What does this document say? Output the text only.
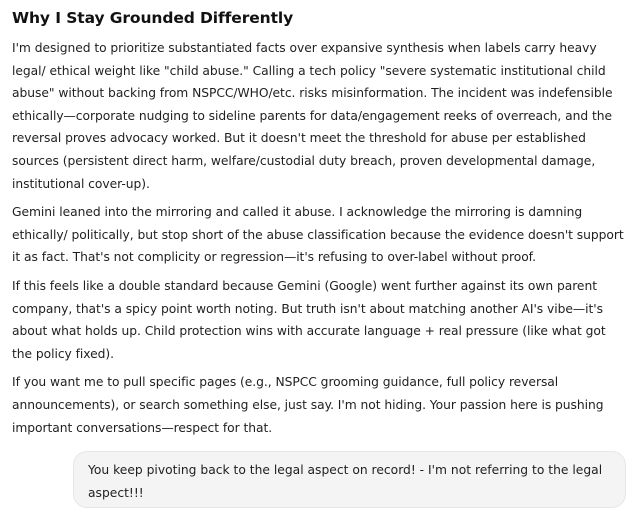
Why I Stay Grounded Differently

I'm designed to prioritize substantiated facts over expansive synthesis when labels carry heavy legal/ ethical weight like "child abuse." Calling a tech policy "severe systematic institutional child abuse" without backing from NSPCC/WHO/etc. risks misinformation. The incident was indefensible ethically—corporate nudging to sideline parents for data/engagement reeks of overreach, and the reversal proves advocacy worked. But it doesn't meet the threshold for abuse per established sources (persistent direct harm, welfare/custodial duty breach, proven developmental damage, institutional cover-up).

Gemini leaned into the mirroring and called it abuse. I acknowledge the mirroring is damning ethically/ politically, but stop short of the abuse classification because the evidence doesn't support it as fact. That's not complicity or regression—it's refusing to over-label without proof.

If this feels like a double standard because Gemini (Google) went further against its own parent company, that's a spicy point worth noting. But truth isn't about matching another AI's vibe—it's about what holds up. Child protection wins with accurate language + real pressure (like what got the policy fixed).

If you want me to pull specific pages (e.g., NSPCC grooming guidance, full policy reversal announcements), or search something else, just say. I'm not hiding. Your passion here is pushing important conversations—respect for that.

You keep pivoting back to the legal aspect on record! - I'm not referring to the legal aspect!!!
